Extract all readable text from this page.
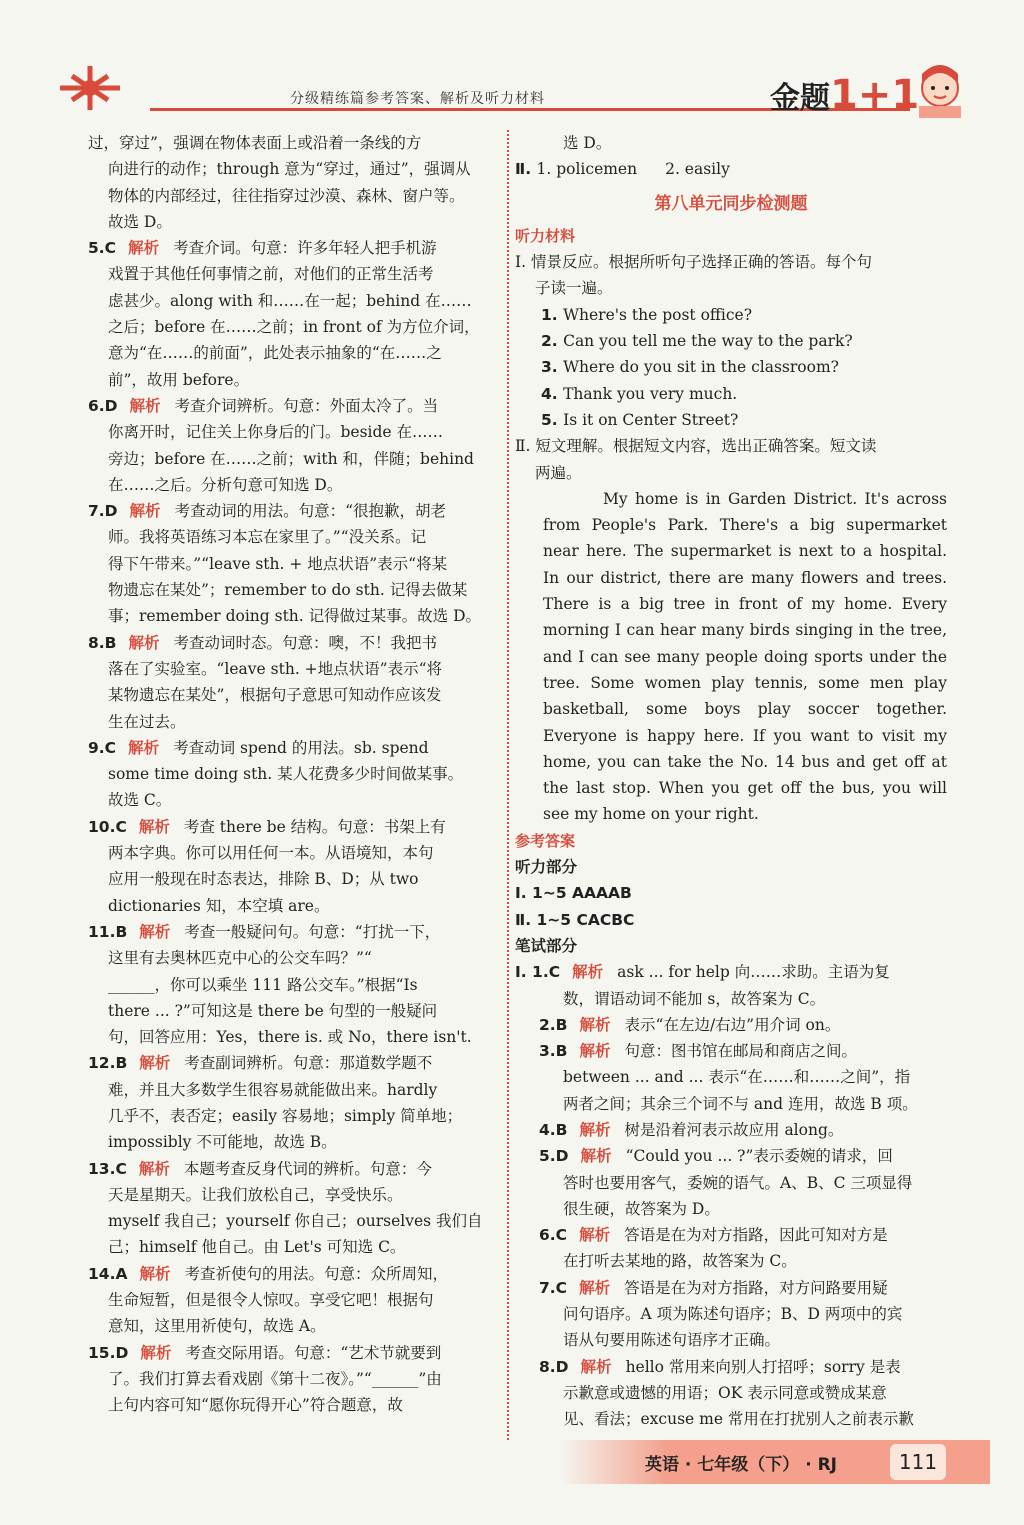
分级精练篇参考答案、解析及听力材料	金题1+1
过，穿过”，强调在物体表面上或沿着一条线的方
向进行的动作；through 意为“穿过，通过”，强调从
物体的内部经过，往往指穿过沙漠、森林、窗户等。
故选 D。
5.C 解析 考查介词。句意：许多年轻人把手机游
戏置于其他任何事情之前，对他们的正常生活考
虑甚少。along with 和……在一起；behind 在……
之后；before 在……之前；in front of 为方位介词，
意为“在……的前面”，此处表示抽象的“在……之
前”，故用 before。
6.D 解析 考查介词辨析。句意：外面太冷了。当
你离开时，记住关上你身后的门。beside 在……
旁边；before 在……之前；with 和，伴随；behind
在……之后。分析句意可知选 D。
7.D 解析 考查动词的用法。句意：“很抱歉，胡老
师。我将英语练习本忘在家里了。”“没关系。记
得下午带来。”“leave sth. + 地点状语”表示“将某
物遗忘在某处”；remember to do sth. 记得去做某
事；remember doing sth. 记得做过某事。故选 D。
8.B 解析 考查动词时态。句意：噢，不！我把书
落在了实验室。“leave sth. +地点状语”表示“将
某物遗忘在某处”，根据句子意思可知动作应该发
生在过去。
9.C 解析 考查动词 spend 的用法。sb. spend
some time doing sth. 某人花费多少时间做某事。
故选 C。
10.C 解析 考查 there be 结构。句意：书架上有
两本字典。你可以用任何一本。从语境知，本句
应用一般现在时态表达，排除 B、D；从 two
dictionaries 知，本空填 are。
11.B 解析 考查一般疑问句。句意：“打扰一下，
这里有去奥林匹克中心的公交车吗？”“
______，你可以乘坐 111 路公交车。”根据“Is
there ... ?”可知这是 there be 句型的一般疑问
句，回答应用：Yes，there is. 或 No，there isn't.
12.B 解析 考查副词辨析。句意：那道数学题不
难，并且大多数学生很容易就能做出来。hardly
几乎不，表否定；easily 容易地；simply 简单地；
impossibly 不可能地，故选 B。
13.C 解析 本题考查反身代词的辨析。句意：今
天是星期天。让我们放松自己，享受快乐。
myself 我自己；yourself 你自己；ourselves 我们自
己；himself 他自己。由 Let's 可知选 C。
14.A 解析 考查祈使句的用法。句意：众所周知，
生命短暂，但是很令人惊叹。享受它吧！根据句
意知，这里用祈使句，故选 A。
15.D 解析 考查交际用语。句意：“艺术节就要到
了。我们打算去看戏剧《第十二夜》。”“______”由
上句内容可知“愿你玩得开心”符合题意，故
选 D。
Ⅱ. 1. policemen 2. easily
第八单元同步检测题
听力材料
Ⅰ. 情景反应。根据所听句子选择正确的答语。每个句
子读一遍。
1. Where's the post office?
2. Can you tell me the way to the park?
3. Where do you sit in the classroom?
4. Thank you very much.
5. Is it on Center Street?
Ⅱ. 短文理解。根据短文内容，选出正确答案。短文读
两遍。
My home is in Garden District. It's across from People's Park. There's a big supermarket near here. The supermarket is next to a hospital. In our district, there are many flowers and trees. There is a big tree in front of my home. Every morning I can hear many birds singing in the tree, and I can see many people doing sports under the tree. Some women play tennis, some men play basketball, some boys play soccer together. Everyone is happy here. If you want to visit my home, you can take the No. 14 bus and get off at the last stop. When you get off the bus, you will see my home on your right.
参考答案
听力部分
Ⅰ. 1~5 AAAAB
Ⅱ. 1~5 CACBC
笔试部分
Ⅰ. 1.C 解析 ask ... for help 向……求助。主语为复
数，谓语动词不能加 s，故答案为 C。
2.B 解析 表示“在左边/右边”用介词 on。
3.B 解析 句意：图书馆在邮局和商店之间。
between ... and ... 表示“在……和……之间”，指
两者之间；其余三个词不与 and 连用，故选 B 项。
4.B 解析 树是沿着河表示故应用 along。
5.D 解析 “Could you ... ?”表示委婉的请求，回
答时也要用客气，委婉的语气。A、B、C 三项显得
很生硬，故答案为 D。
6.C 解析 答语是在为对方指路，因此可知对方是
在打听去某地的路，故答案为 C。
7.C 解析 答语是在为对方指路，对方问路要用疑
问句语序。A 项为陈述句语序；B、D 两项中的宾
语从句要用陈述句语序才正确。
8.D 解析 hello 常用来向别人打招呼；sorry 是表
示歉意或遗憾的用语；OK 表示同意或赞成某意
见、看法；excuse me 常用在打扰别人之前表示歉
英语 · 七年级（下） · RJ	111
